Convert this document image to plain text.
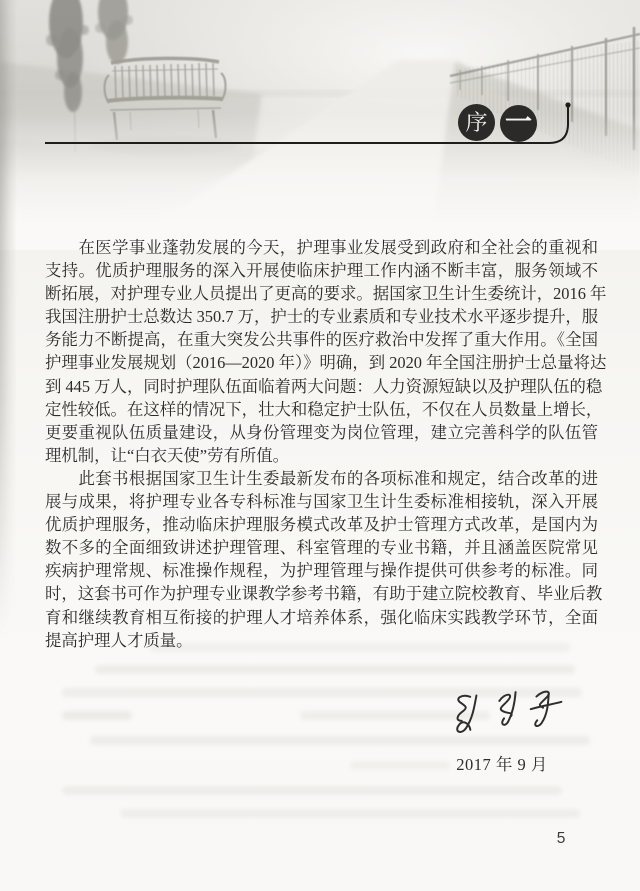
序 一
　　在医学事业蓬勃发展的今天，护理事业发展受到政府和全社会的重视和
支持。优质护理服务的深入开展使临床护理工作内涵不断丰富，服务领域不
断拓展，对护理专业人员提出了更高的要求。据国家卫生计生委统计，2016 年
我国注册护士总数达 350.7 万，护士的专业素质和专业技术水平逐步提升，服
务能力不断提高，在重大突发公共事件的医疗救治中发挥了重大作用。《全国
护理事业发展规划（2016—2020 年）》明确，到 2020 年全国注册护士总量将达
到 445 万人，同时护理队伍面临着两大问题：人力资源短缺以及护理队伍的稳
定性较低。在这样的情况下，壮大和稳定护士队伍，不仅在人员数量上增长，
更要重视队伍质量建设，从身份管理变为岗位管理，建立完善科学的队伍管
理机制，让“白衣天使”劳有所值。
　　此套书根据国家卫生计生委最新发布的各项标准和规定，结合改革的进
展与成果，将护理专业各专科标准与国家卫生计生委标准相接轨，深入开展
优质护理服务，推动临床护理服务模式改革及护士管理方式改革，是国内为
数不多的全面细致讲述护理管理、科室管理的专业书籍，并且涵盖医院常见
疾病护理常规、标准操作规程，为护理管理与操作提供可供参考的标准。同
时，这套书可作为护理专业课教学参考书籍，有助于建立院校教育、毕业后教
育和继续教育相互衔接的护理人才培养体系，强化临床实践教学环节，全面
提高护理人才质量。
2017 年 9 月
5
